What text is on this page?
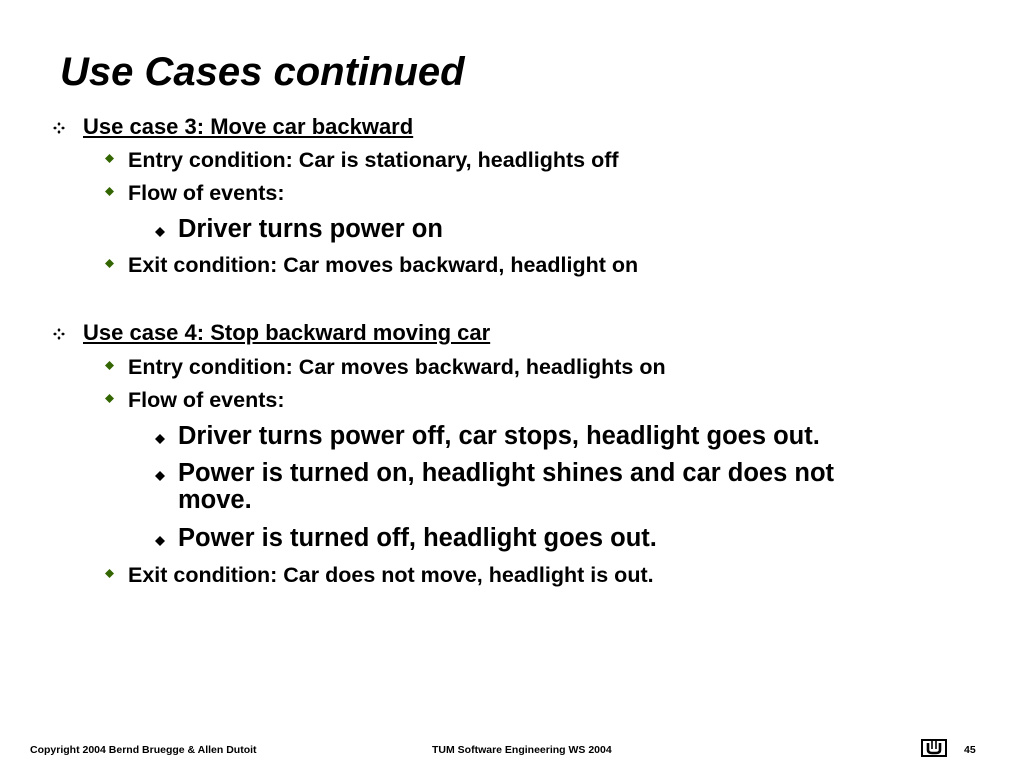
Use Cases continued
Use case 3: Move car backward
Entry condition: Car is stationary, headlights off
Flow of events:
Driver turns power on
Exit condition: Car moves backward, headlight on
Use case 4: Stop backward moving car
Entry condition: Car moves backward, headlights on
Flow of events:
Driver turns power off, car stops, headlight goes out.
Power is turned on, headlight shines and car does not
move.
Power is turned off, headlight goes out.
Exit condition: Car does not move, headlight is out.
Copyright 2004 Bernd Bruegge & Allen Dutoit	TUM Software Engineering WS 2004	45
